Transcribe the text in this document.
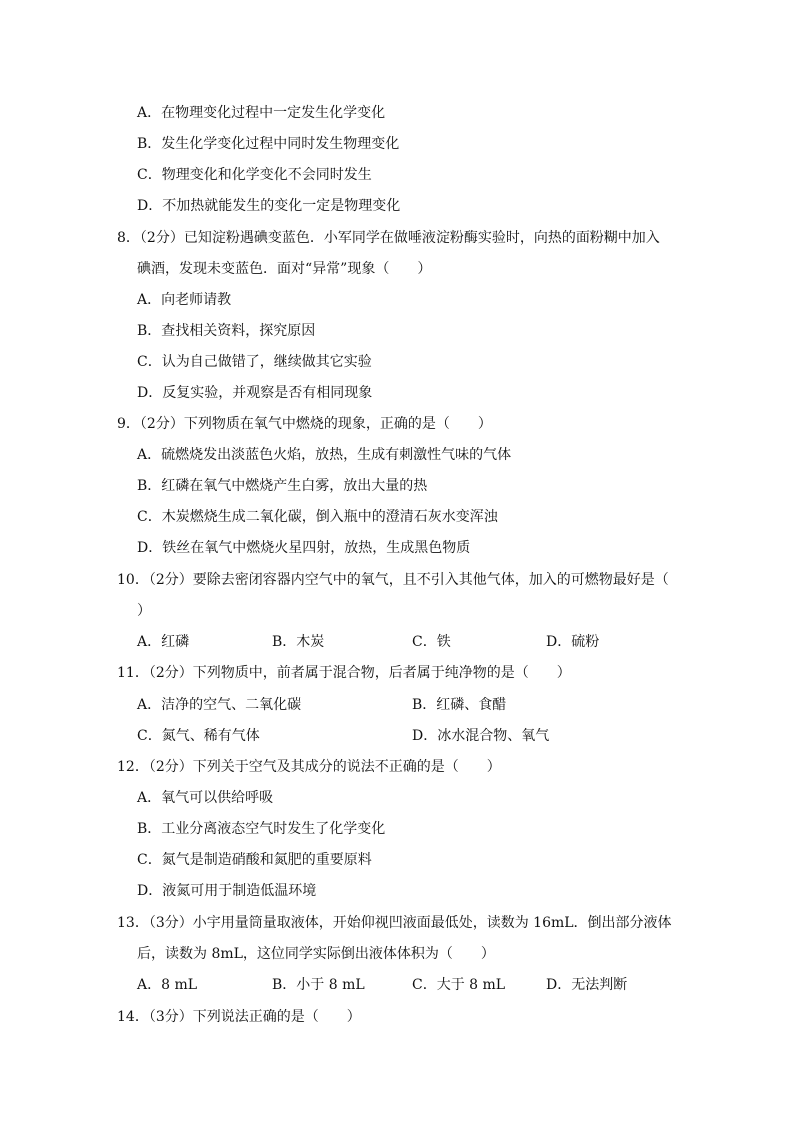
A．在物理变化过程中一定发生化学变化
B．发生化学变化过程中同时发生物理变化
C．物理变化和化学变化不会同时发生
D．不加热就能发生的变化一定是物理变化
8．（2分）已知淀粉遇碘变蓝色．小军同学在做唾液淀粉酶实验时，向热的面粉糊中加入
碘酒，发现未变蓝色．面对“异常”现象（　　）
A．向老师请教
B．查找相关资料，探究原因
C．认为自己做错了，继续做其它实验
D．反复实验，并观察是否有相同现象
9．（2分）下列物质在氧气中燃烧的现象，正确的是（　　）
A．硫燃烧发出淡蓝色火焰，放热，生成有刺激性气味的气体
B．红磷在氧气中燃烧产生白雾，放出大量的热
C．木炭燃烧生成二氧化碳，倒入瓶中的澄清石灰水变浑浊
D．铁丝在氧气中燃烧火星四射，放热，生成黑色物质
10．（2分）要除去密闭容器内空气中的氧气，且不引入其他气体，加入的可燃物最好是（
）
A．红磷	B．木炭	C．铁	D．硫粉
11．（2分）下列物质中，前者属于混合物，后者属于纯净物的是（　　）
A．洁净的空气、二氧化碳	B．红磷、食醋
C．氮气、稀有气体	D．冰水混合物、氧气
12．（2分）下列关于空气及其成分的说法不正确的是（　　）
A．氧气可以供给呼吸
B．工业分离液态空气时发生了化学变化
C．氮气是制造硝酸和氮肥的重要原料
D．液氮可用于制造低温环境
13．（3分）小宇用量筒量取液体，开始仰视凹液面最低处，读数为 16mL．倒出部分液体
后，读数为 8mL，这位同学实际倒出液体体积为（　　）
A．8 mL	B．小于 8 mL	C．大于 8 mL	D．无法判断
14．（3分）下列说法正确的是（　　）
